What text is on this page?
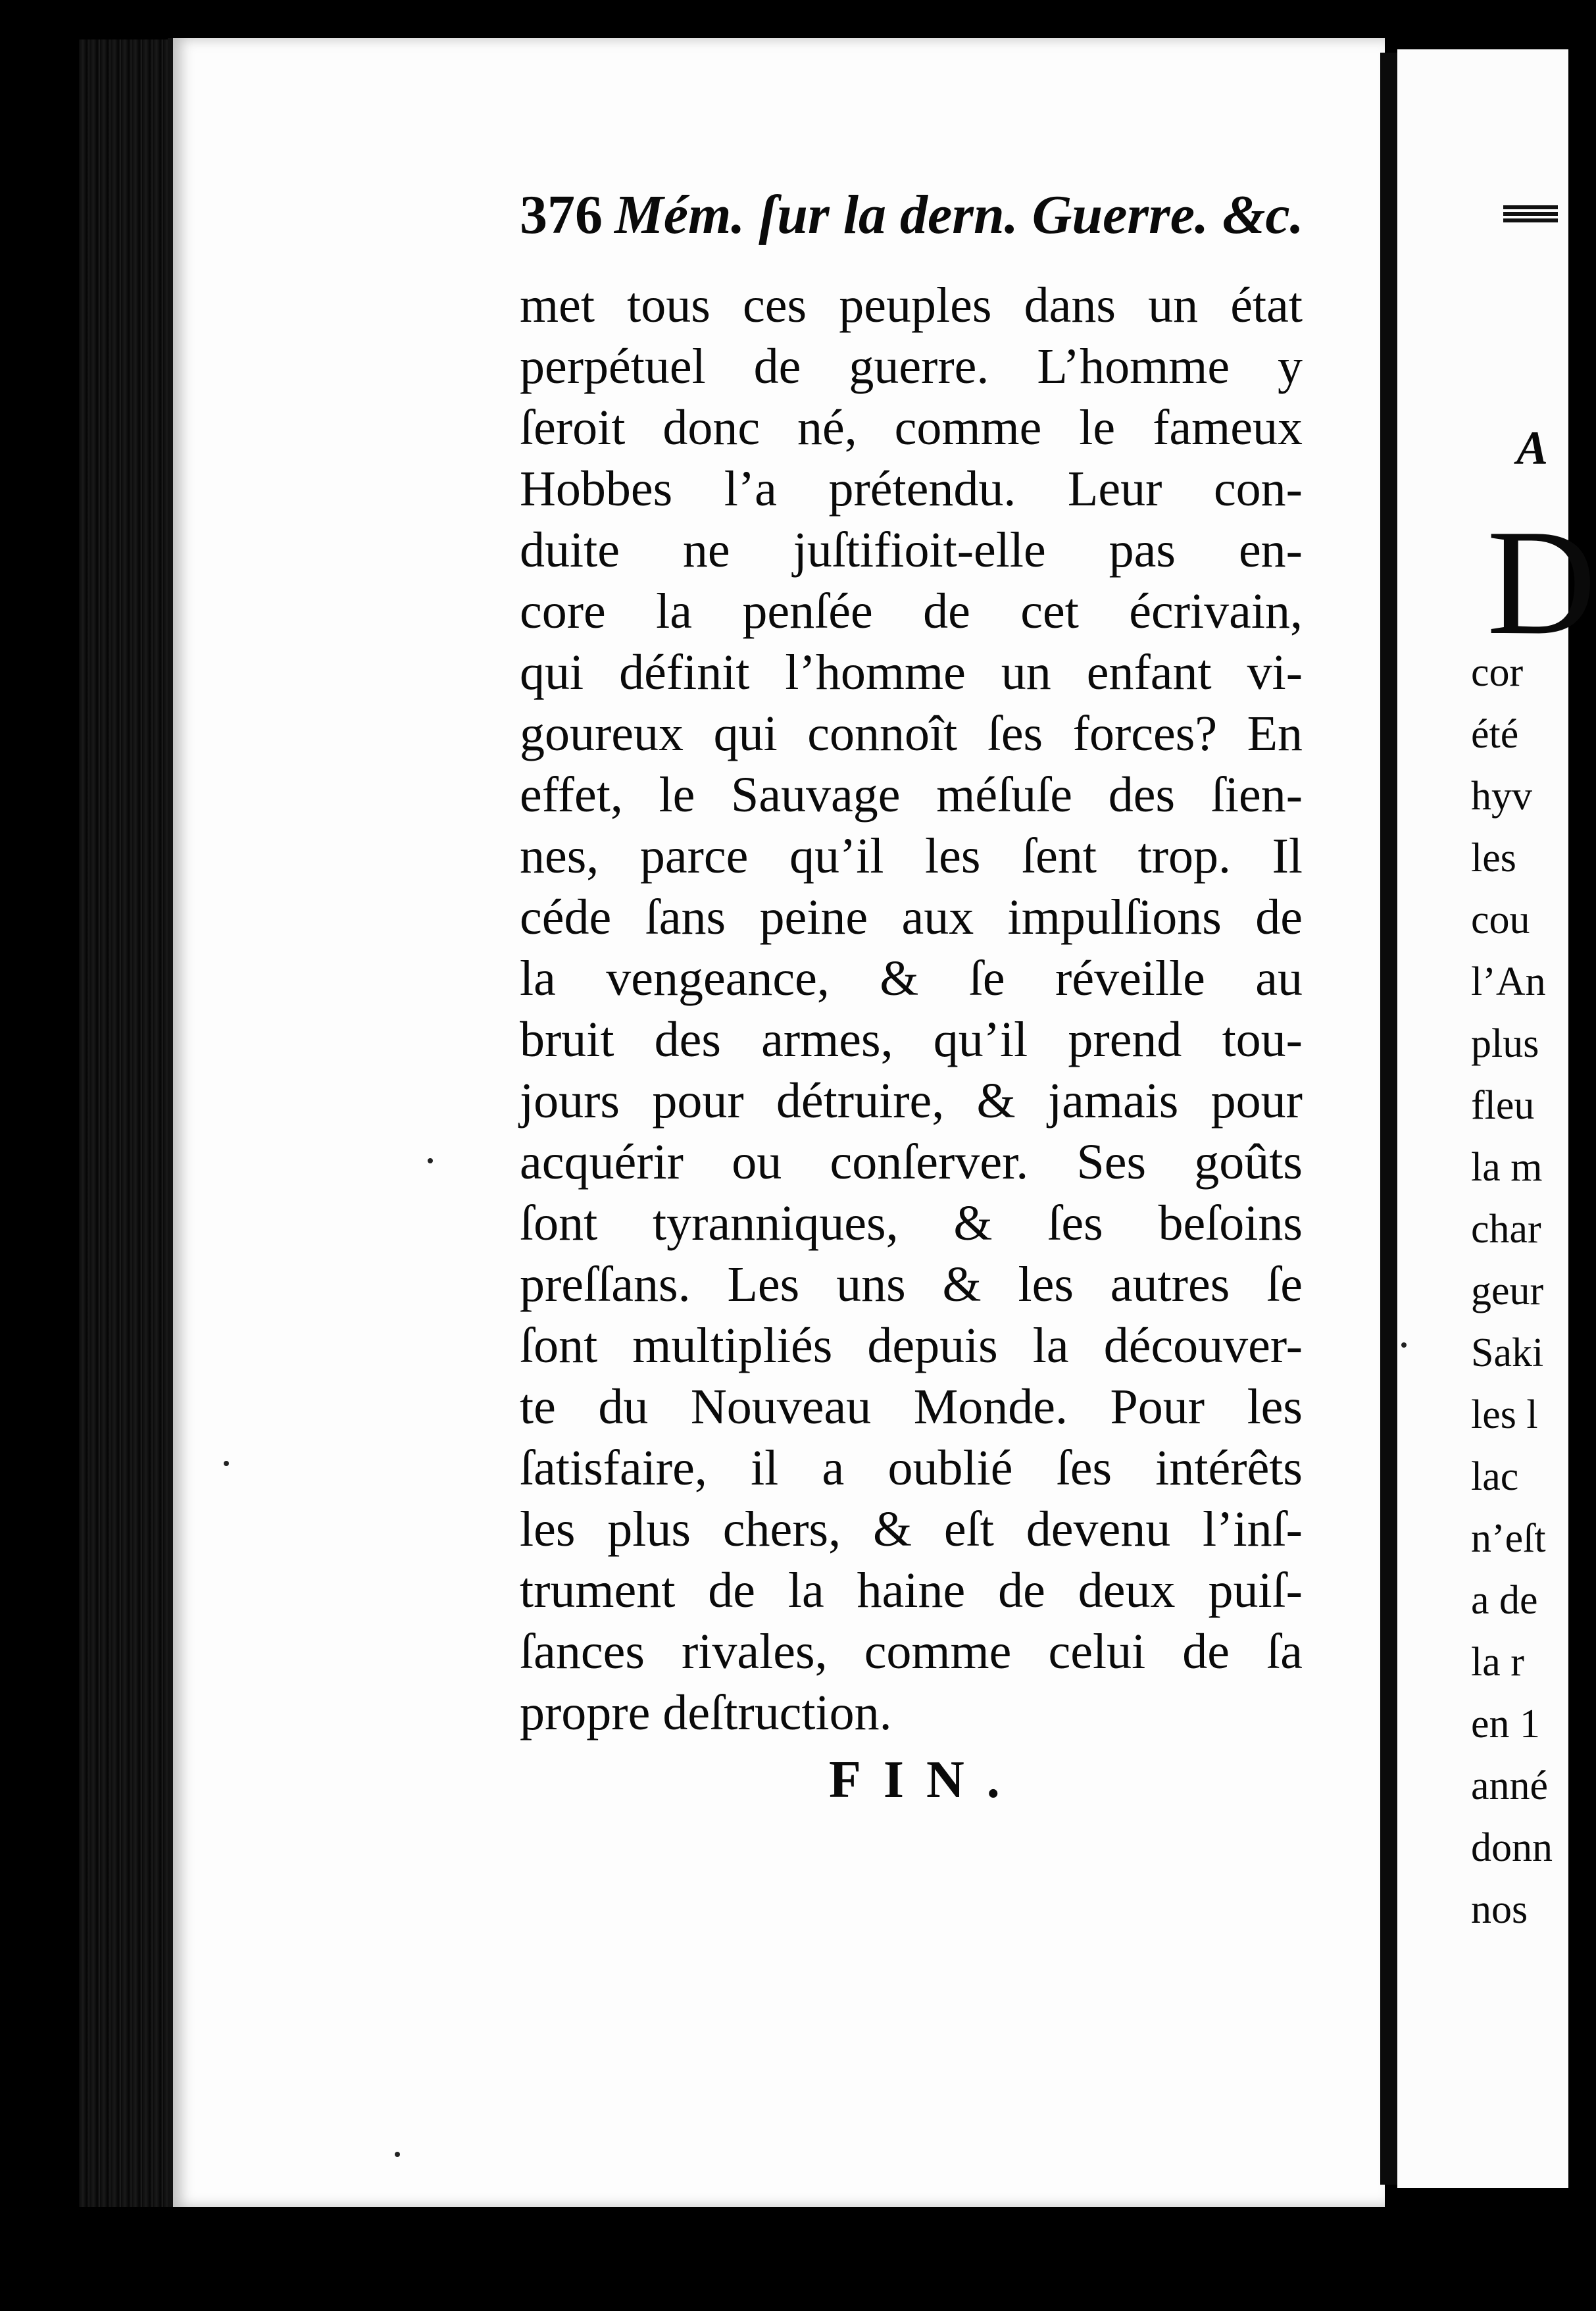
376 Mém. ſur la dern. Guerre. &c.
met tous ces peuples dans un état
perpétuel de guerre. L’homme y
ſeroit donc né, comme le fameux
Hobbes l’a prétendu. Leur con-
duite ne juſtifioit-elle pas en-
core la penſée de cet écrivain,
qui définit l’homme un enfant vi-
goureux qui connoît ſes forces? En
effet, le Sauvage méſuſe des ſien-
nes, parce qu’il les ſent trop. Il
céde ſans peine aux impulſions de
la vengeance, & ſe réveille au
bruit des armes, qu’il prend tou-
jours pour détruire, & jamais pour
acquérir ou conſerver. Ses goûts
ſont tyranniques, & ſes beſoins
preſſans. Les uns & les autres ſe
ſont multipliés depuis la découver-
te du Nouveau Monde. Pour les
ſatisfaire, il a oublié ſes intérêts
les plus chers, & eſt devenu l’inſ-
trument de la haine de deux puiſ-
ſances rivales, comme celui de ſa
propre deſtruction.
FIN.
A
D
cor
été
hyv
les
cou
l’An
plus
fleu
la m
char
geur
Saki
les l
lac
n’eſt
a de
la r
en 1
anné
donn
nos
